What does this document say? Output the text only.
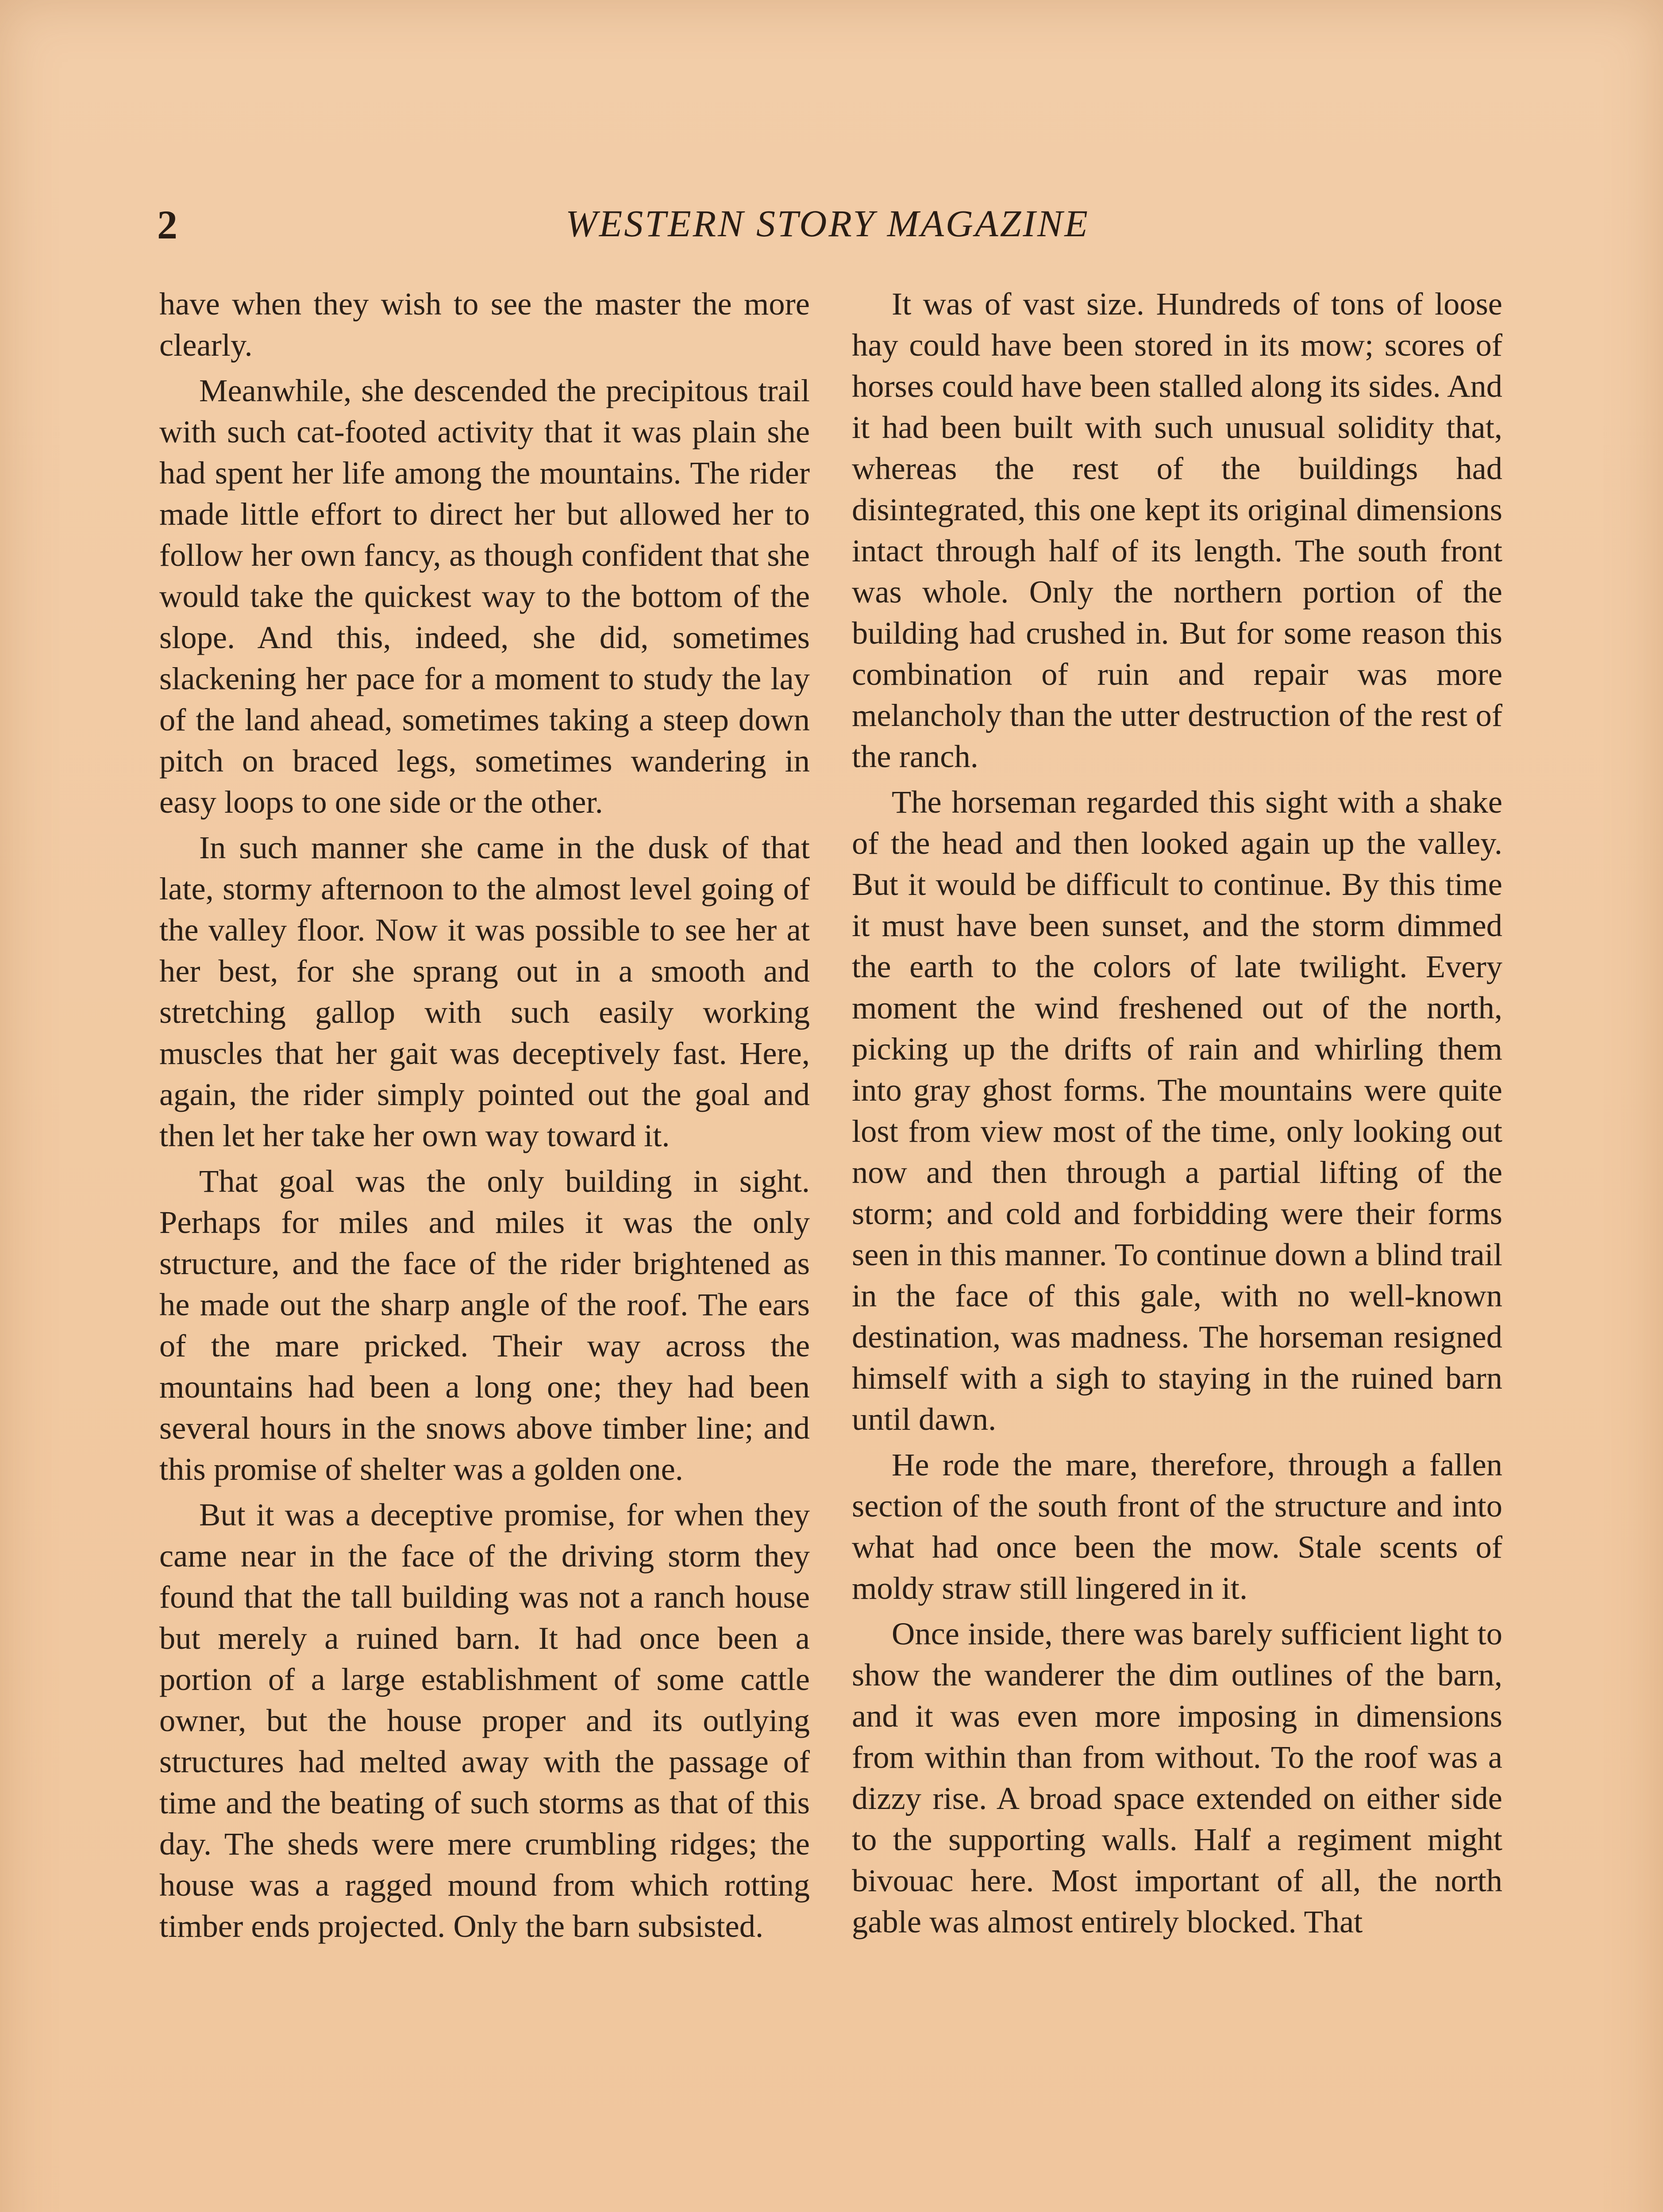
2	WESTERN STORY MAGAZINE

have when they wish to see the master the more clearly.

Meanwhile, she descended the precipitous trail with such cat-footed activity that it was plain she had spent her life among the mountains. The rider made little effort to direct her but allowed her to follow her own fancy, as though confident that she would take the quickest way to the bottom of the slope. And this, indeed, she did, sometimes slackening her pace for a moment to study the lay of the land ahead, sometimes taking a steep down pitch on braced legs, sometimes wandering in easy loops to one side or the other.

In such manner she came in the dusk of that late, stormy afternoon to the almost level going of the valley floor. Now it was possible to see her at her best, for she sprang out in a smooth and stretching gallop with such easily working muscles that her gait was deceptively fast. Here, again, the rider simply pointed out the goal and then let her take her own way toward it.

That goal was the only building in sight. Perhaps for miles and miles it was the only structure, and the face of the rider brightened as he made out the sharp angle of the roof. The ears of the mare pricked. Their way across the mountains had been a long one; they had been several hours in the snows above timber line; and this promise of shelter was a golden one.

But it was a deceptive promise, for when they came near in the face of the driving storm they found that the tall building was not a ranch house but merely a ruined barn. It had once been a portion of a large establishment of some cattle owner, but the house proper and its outlying structures had melted away with the passage of time and the beating of such storms as that of this day. The sheds were mere crumbling ridges; the house was a ragged mound from which rotting timber ends projected. Only the barn subsisted.

It was of vast size. Hundreds of tons of loose hay could have been stored in its mow; scores of horses could have been stalled along its sides. And it had been built with such unusual solidity that, whereas the rest of the buildings had disintegrated, this one kept its original dimensions intact through half of its length. The south front was whole. Only the northern portion of the building had crushed in. But for some reason this combination of ruin and repair was more melancholy than the utter destruction of the rest of the ranch.

The horseman regarded this sight with a shake of the head and then looked again up the valley. But it would be difficult to continue. By this time it must have been sunset, and the storm dimmed the earth to the colors of late twilight. Every moment the wind freshened out of the north, picking up the drifts of rain and whirling them into gray ghost forms. The mountains were quite lost from view most of the time, only looking out now and then through a partial lifting of the storm; and cold and forbidding were their forms seen in this manner. To continue down a blind trail in the face of this gale, with no well-known destination, was madness. The horseman resigned himself with a sigh to staying in the ruined barn until dawn.

He rode the mare, therefore, through a fallen section of the south front of the structure and into what had once been the mow. Stale scents of moldy straw still lingered in it.

Once inside, there was barely sufficient light to show the wanderer the dim outlines of the barn, and it was even more imposing in dimensions from within than from without. To the roof was a dizzy rise. A broad space extended on either side to the supporting walls. Half a regiment might bivouac here. Most important of all, the north gable was almost entirely blocked. That
